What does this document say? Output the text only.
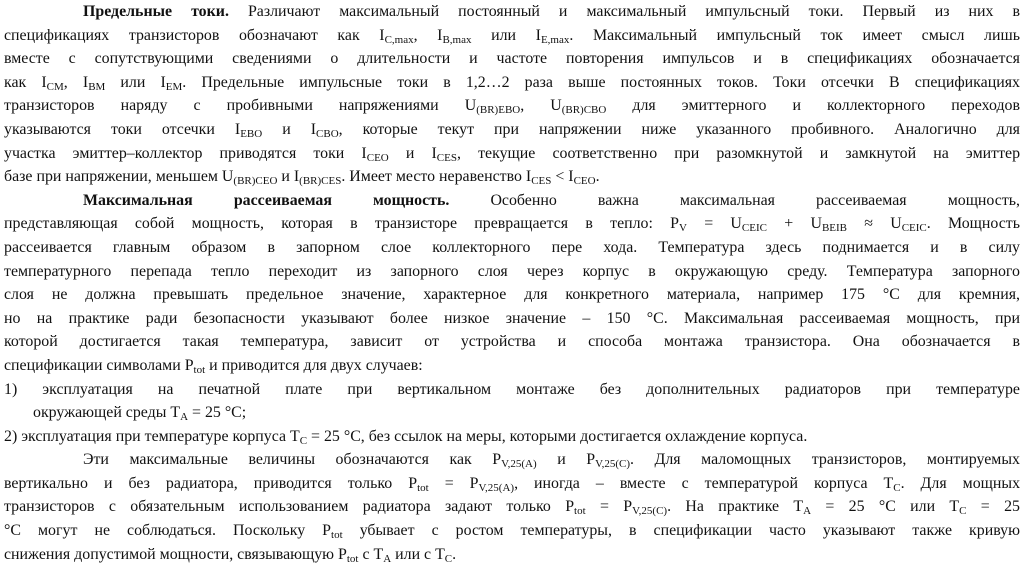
Предельные токи. Различают максимальный постоянный и максимальный импульсный токи. Первый из них в
спецификациях транзисторов обозначают как $I_{C,max}$, $I_{B,max}$ или $I_{E,max}$. Максимальный импульсный ток имеет смысл лишь
вместе с сопутствующими сведениями о длительности и частоте повторения импульсов и в спецификациях обозначается
как $I_{CM}$, $I_{BM}$ или $I_{EM}$. Предельные импульсные токи в 1,2…2 раза выше постоянных токов. Токи отсечки В спецификациях
транзисторов наряду с пробивными напряжениями $U_{(BR)EBO}$, $U_{(BR)CBO}$ для эмиттерного и коллекторного переходов
указываются токи отсечки $I_{EBO}$ и $I_{CBO}$, которые текут при напряжении ниже указанного пробивного. Аналогично для
участка эмиттер–коллектор приводятся токи $I_{CEO}$ и $I_{CES}$, текущие соответственно при разомкнутой и замкнутой на эмиттер
базе при напряжении, меньшем $U_{(BR)CEO}$ и $I_{(BR)CES}$. Имеет место неравенство $I_{CES} < I_{CEO}$.
Максимальная рассеиваемая мощность. Особенно важна максимальная рассеиваемая мощность,
представляющая собой мощность, которая в транзисторе превращается в тепло: $P_V = U_{CEIC} + U_{BEIB} \approx U_{CEIC}$. Мощность
рассеивается главным образом в запорном слое коллекторного пере хода. Температура здесь поднимается и в силу
температурного перепада тепло переходит из запорного слоя через корпус в окружающую среду. Температура запорного
слоя не должна превышать предельное значение, характерное для конкретного материала, например 175 °С для кремния,
но на практике ради безопасности указывают более низкое значение – 150 °С. Максимальная рассеиваемая мощность, при
которой достигается такая температура, зависит от устройства и способа монтажа транзистора. Она обозначается в
спецификации символами $P_{tot}$ и приводится для двух случаев:
1) эксплуатация на печатной плате при вертикальном монтаже без дополнительных радиаторов при температуре
окружающей среды $T_A = 25$ °С;
2) эксплуатация при температуре корпуса $T_C = 25$ °С, без ссылок на меры, которыми достигается охлаждение корпуса.
Эти максимальные величины обозначаются как $P_{V,25(A)}$ и $P_{V,25(C)}$. Для маломощных транзисторов, монтируемых
вертикально и без радиатора, приводится только $P_{tot} = P_{V,25(A)}$, иногда – вместе с температурой корпуса $T_C$. Для мощных
транзисторов с обязательным использованием радиатора задают только $P_{tot} = P_{V,25(C)}$. На практике $T_A = 25$ °С или $T_C = 25$
°С могут не соблюдаться. Поскольку $P_{tot}$ убывает с ростом температуры, в спецификации часто указывают также кривую
снижения допустимой мощности, связывающую $P_{tot}$ с $T_A$ или с $T_C$.
